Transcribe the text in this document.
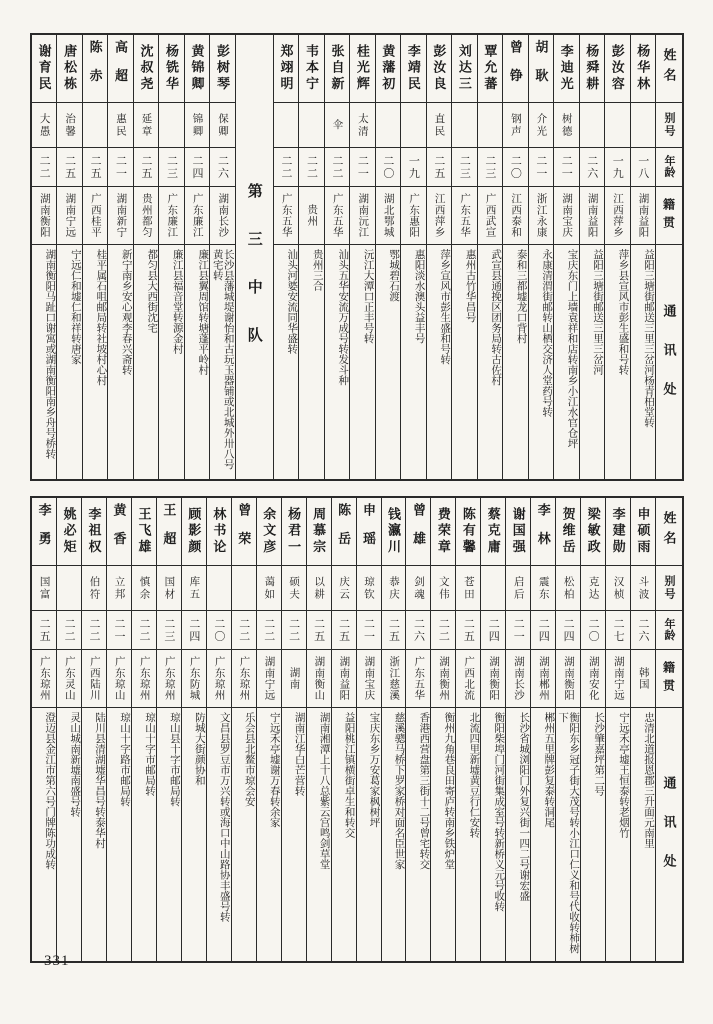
姓名
别号
年龄
籍贯
通讯处
杨华林
一八
湖南益阳
益阳三塘街邮送三里三岔河杨青柏堂转
彭汝容
一九
江西萍乡
萍乡县宣风市彭生盛和号转
杨舜耕
二六
湖南益阳
益阳三塘街邮送三里三岔河
李迪光
树德
二一
湖南宝庆
宝庆东门上墙袁祥和店转南乡小江水官仓坪
胡耿
介光
二一
浙江永康
永康清渭街邮转山栖交济人堂药号转
曾铮
钢声
二〇
江西泰和
泰和三都墟龙口背村
覃允蕃
二三
广西武宣
武宣县通挽区团务局转古佐村
刘达三
二三
广东五华
惠州古竹华昌号
彭汝良
直民
二五
江西萍乡
萍乡宣风市彭生盛和号转
李靖民
一九
广东惠阳
惠阳淡水澳头益丰号
黄藩初
二〇
湖北鄂城
鄂城碧石渡
桂光辉
太清
二一
湖南沅江
沅江大潭口正丰号转
张自新
伞
二二
广东五华
汕头五华安流万成号转发斗种
韦本宁
二二
贵州
贵州三合
郑翊明
二二
广东五华
汕头河婆安流同华盛转
第三中队
彭树琴
保卿
二六
湖南长沙
长沙县藩城堤谢怡和古玩玉器铺或北城外卅八号黄宅转
黄锦卿
锦卿
二四
广东廉江
廉江县翼周馆转塘蓬平岭村
杨铣华
二三
广东廉江
廉江县福音堂转源金村
沈叔尧
延章
二五
贵州都匀
都匀县大西街沈宅
高超
惠民
二一
湖南新宁
新宁南乡安心观李春兴斋转
陈赤
二五
广西桂平
桂平属石咀邮局转社坡村心村
唐松栋
治馨
二五
湖南宁远
宁远仁和墟仁和祥转唐家
谢育民
大愚
二二
湖南衡阳
湖南衡阳马趾口谢寓或湖南衡阳南乡舟号桥转
姓名
别号
年龄
籍贯
通讯处
申硕雨
斗波
二六
韩国
忠清北道报恩郡三升面元南里
李建勋
汉桢
二七
湖南宁远
宁远禾亭墟王恒泰转老烟竹
梁敏政
克达
二〇
湖南安化
长沙肇嘉坪第二号
贺维岳
松柏
二四
湖南衡阳
衡阳东乡冠子街大茂号转小江口仁义和号代收转柿树下
李林
震东
二四
湖南郴州
郴州五里牌彭复泰转洞尾
谢国强
启后
二一
湖南长沙
长沙省城浏阳门外复兴街一四二号谢宏盛
蔡克庸
二四
湖南衡阳
衡阳柴埠门河街集成室号转新桥义元号收转
陈有馨
苍田
二五
广西北流
北流四里新墟黄豆行仁安转
费荣章
文伟
二二
湖南衡州
衡州九角巷良田寄庐转南乡铁炉堂
曾雄
剑魂
二六
广东五华
香港西营盘第三街十二号曾宅转交
钱瀛川
恭庆
二五
浙江慈溪
慈溪骢马桥下罗家桥对面名臣世家
申瑶
琼钦
二一
湖南宝庆
宝庆东乡万安葛家枫树坪
陈岳
庆云
二五
湖南益阳
益阳桃江镇横街卓生和转交
周慕宗
以耕
二五
湖南衡山
湖南湘潭上十八总紫云宫鸣剑草堂
杨君一
硕夫
二二
湖南
湖南江华白芒营转
余文彦
蔼如
二二
湖南宁远
宁远禾亭墟谢万春转余家
曾荣
二二
广东琼州
乐会县北鳌市琼会安
林书论
二〇
广东琼州
文昌县罗豆市万兴转或海口中山路协丰盛号转
顾影颜
库五
二四
广东防城
防城大街颜协和
王超
国材
二三
广东琼州
琼山县十字市邮局转
王飞雄
慎余
二二
广东琼州
琼山十字市邮局转
黄香
立邦
二一
广东琼山
琼山十字路市邮局转
李祖权
伯符
二二
广西陆川
陆川县清湖墟华昌号转泰华村
姚必矩
二二
广东灵山
灵山城南新墟南盛号转
李勇
国富
二五
广东琼州
澄迈县金江市第六号门牌陈功成转
331
